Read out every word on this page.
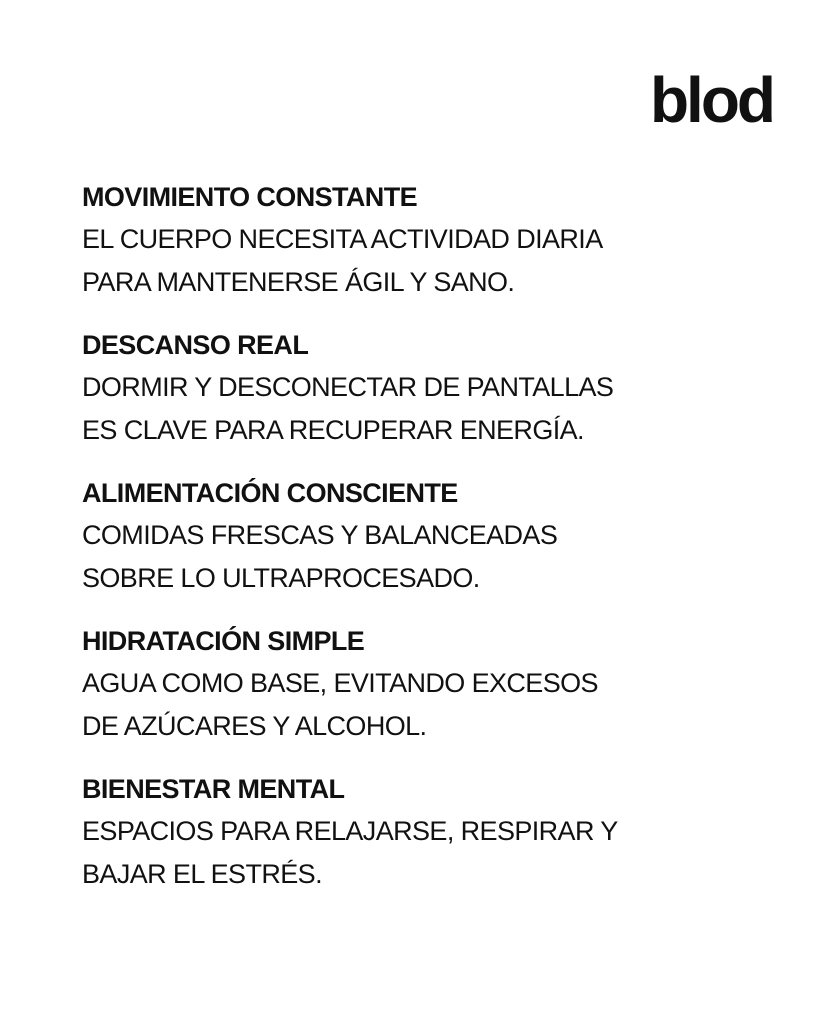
blod
MOVIMIENTO CONSTANTE
EL CUERPO NECESITA ACTIVIDAD DIARIA
PARA MANTENERSE ÁGIL Y SANO.
DESCANSO REAL
DORMIR Y DESCONECTAR DE PANTALLAS
ES CLAVE PARA RECUPERAR ENERGÍA.
ALIMENTACIÓN CONSCIENTE
COMIDAS FRESCAS Y BALANCEADAS
SOBRE LO ULTRAPROCESADO.
HIDRATACIÓN SIMPLE
AGUA COMO BASE, EVITANDO EXCESOS
DE AZÚCARES Y ALCOHOL.
BIENESTAR MENTAL
ESPACIOS PARA RELAJARSE, RESPIRAR Y
BAJAR EL ESTRÉS.
